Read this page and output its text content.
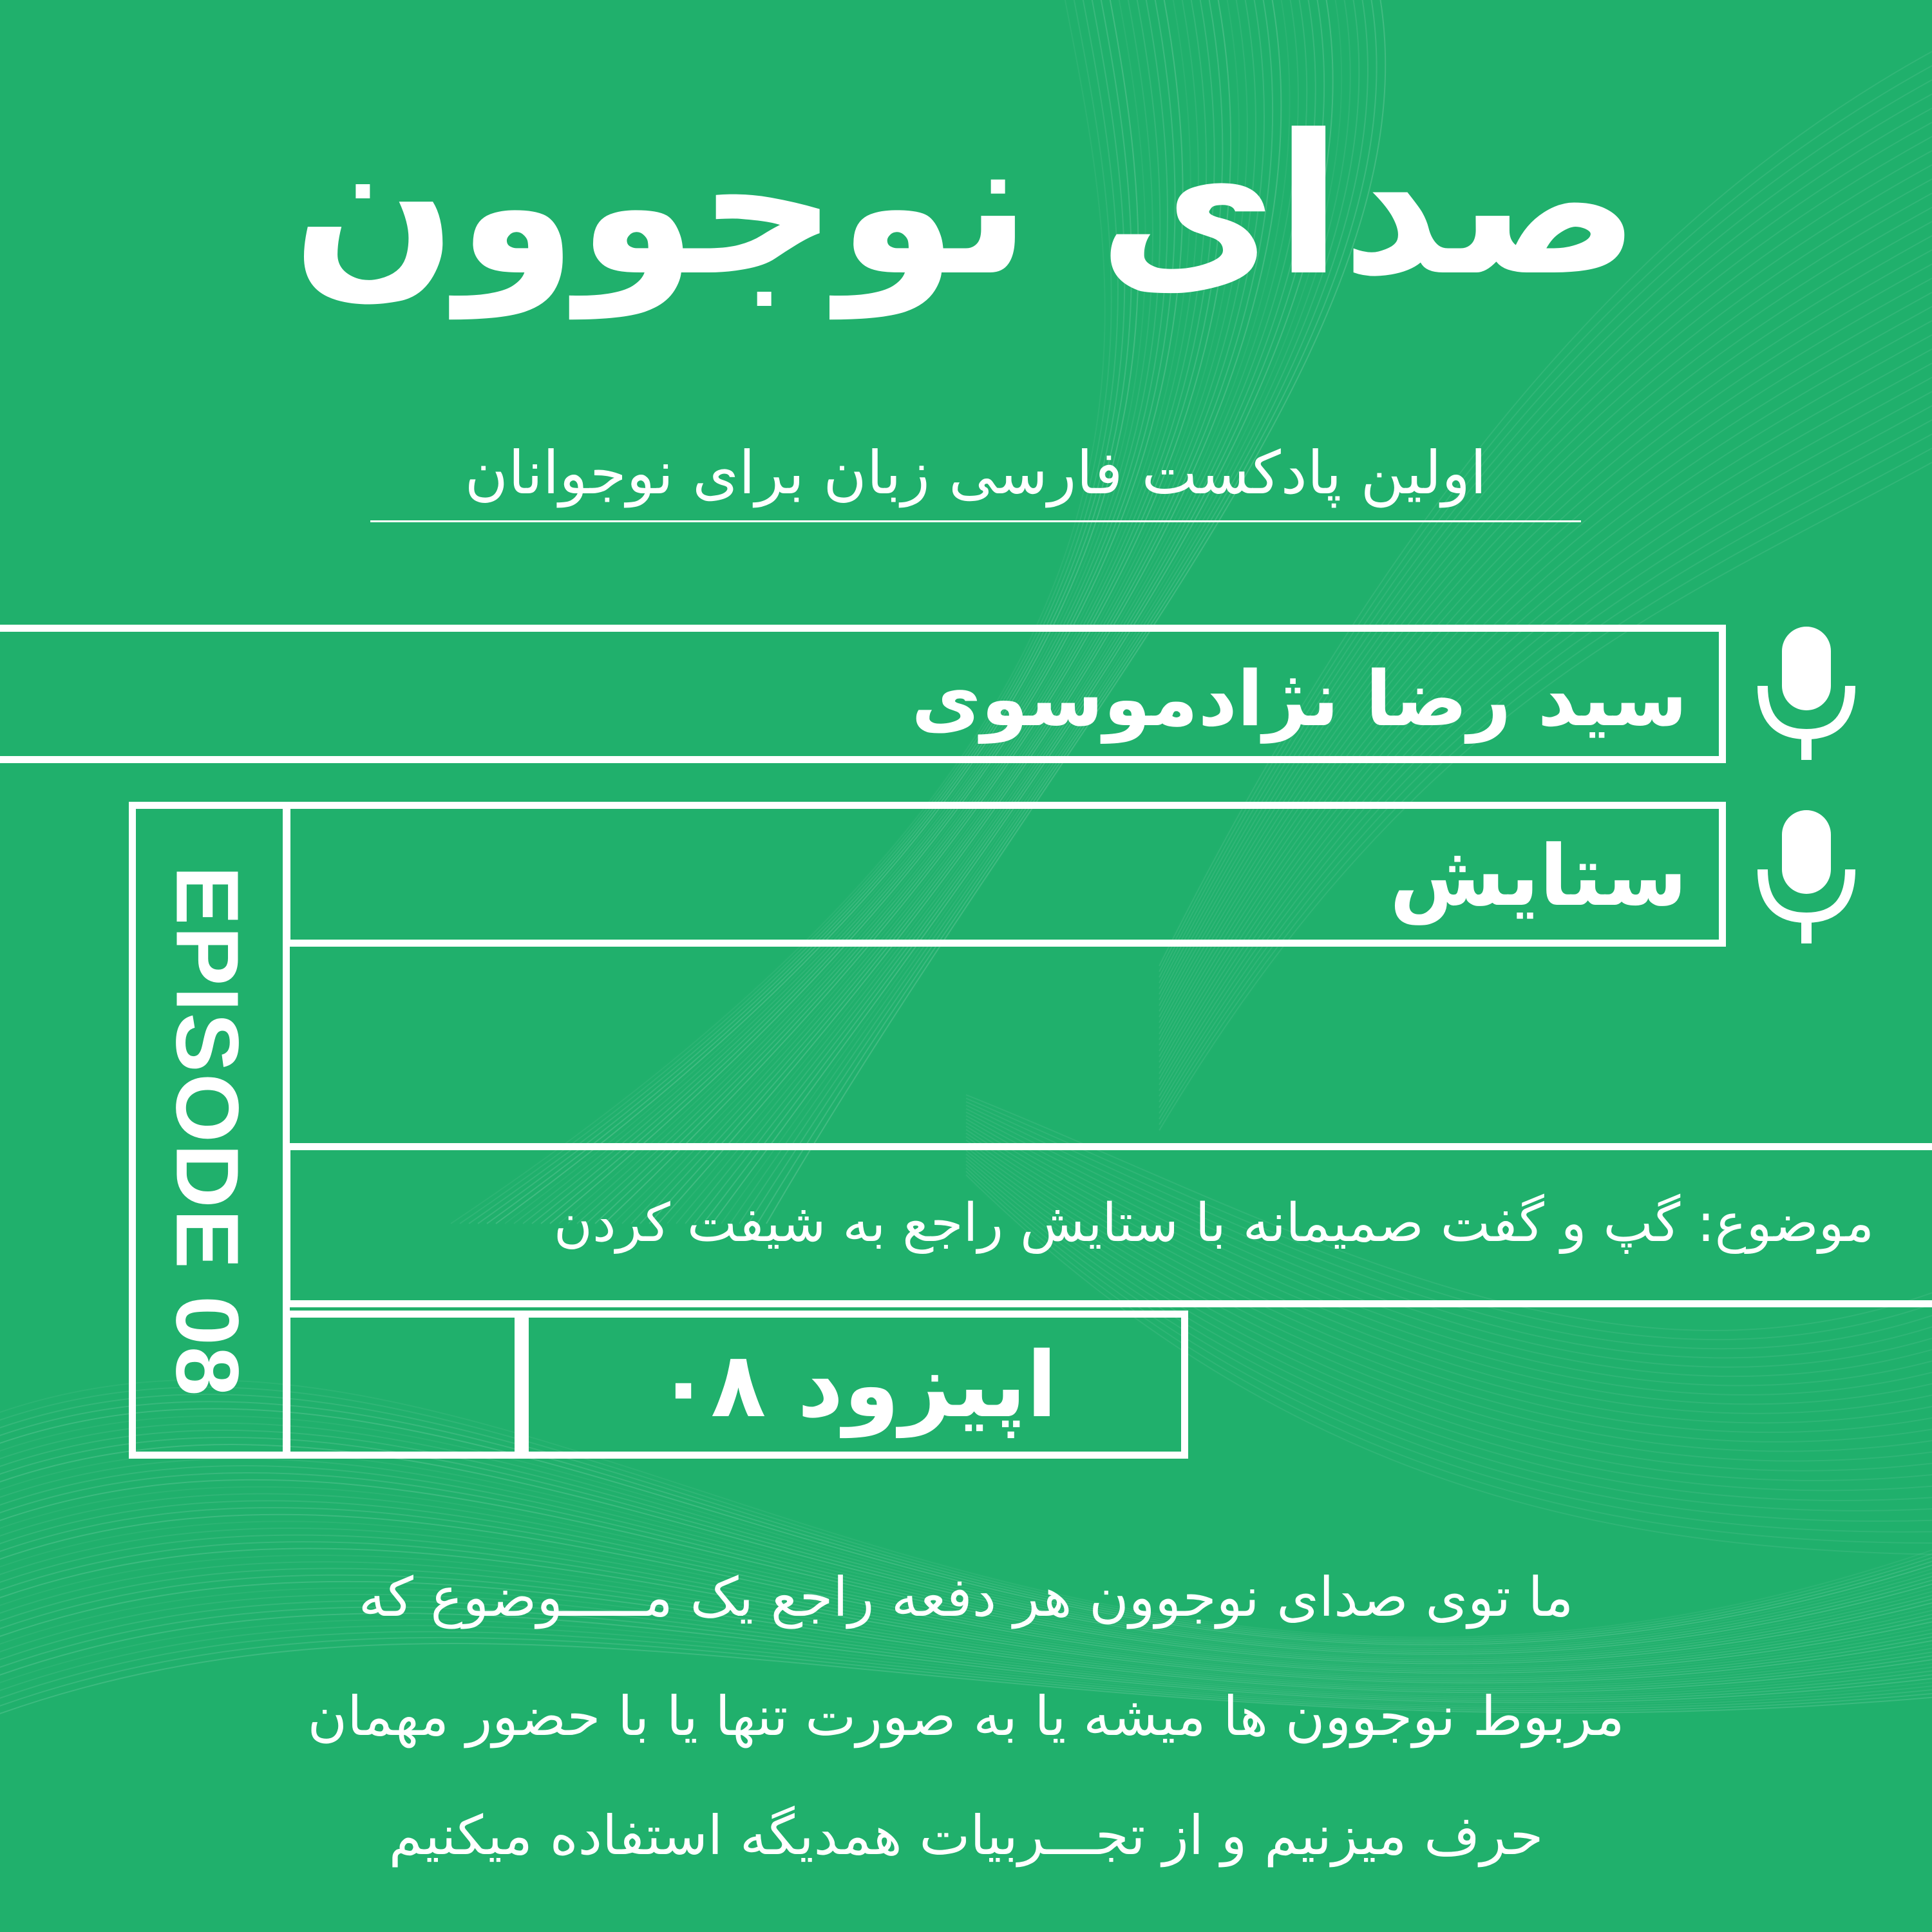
صدای نوجوون
اولین پادکست فارسی زبان برای نوجوانان
سید رضا نژادموسوی
ستایش
EPISODE 08	موضوع: گپ و گفت صمیمانه با ستایش راجع به شیفت کردن
اپیزود ۰۸
ما توی صدای نوجوون هر دفعه راجع یک مـــــوضوع که
مربوط نوجوون ها میشه یا به صورت تنها یا با حضور مهمان
حرف میزنیم و از تجـــربیات همدیگه استفاده میکنیم
